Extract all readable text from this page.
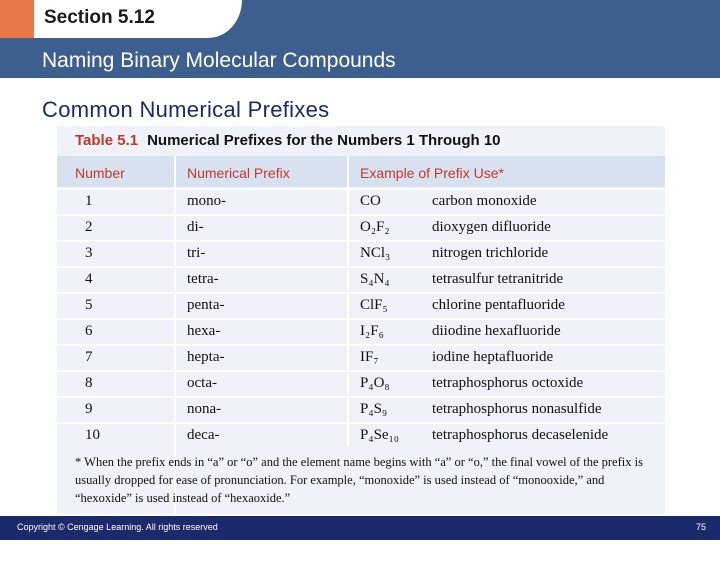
Section 5.12
Naming Binary Molecular Compounds
Common Numerical Prefixes
Table 5.1 Numerical Prefixes for the Numbers 1 Through 10
Number	Numerical Prefix	Example of Prefix Use*
1	mono-	CO	carbon monoxide
2	di-	O₂F₂	dioxygen difluoride
3	tri-	NCl₃	nitrogen trichloride
4	tetra-	S₄N₄	tetrasulfur tetranitride
5	penta-	ClF₅	chlorine pentafluoride
6	hexa-	I₂F₆	diiodine hexafluoride
7	hepta-	IF₇	iodine heptafluoride
8	octa-	P₄O₈	tetraphosphorus octoxide
9	nona-	P₄S₉	tetraphosphorus nonasulfide
10	deca-	P₄Se₁₀ tetraphosphorus decaselenide
* When the prefix ends in “a” or “o” and the element name begins with “a” or “o,” the final vowel of the prefix is usually dropped for ease of pronunciation. For example, “monoxide” is used instead of “monooxide,” and “hexoxide” is used instead of “hexaoxide.”
Copyright © Cengage Learning. All rights reserved	75
